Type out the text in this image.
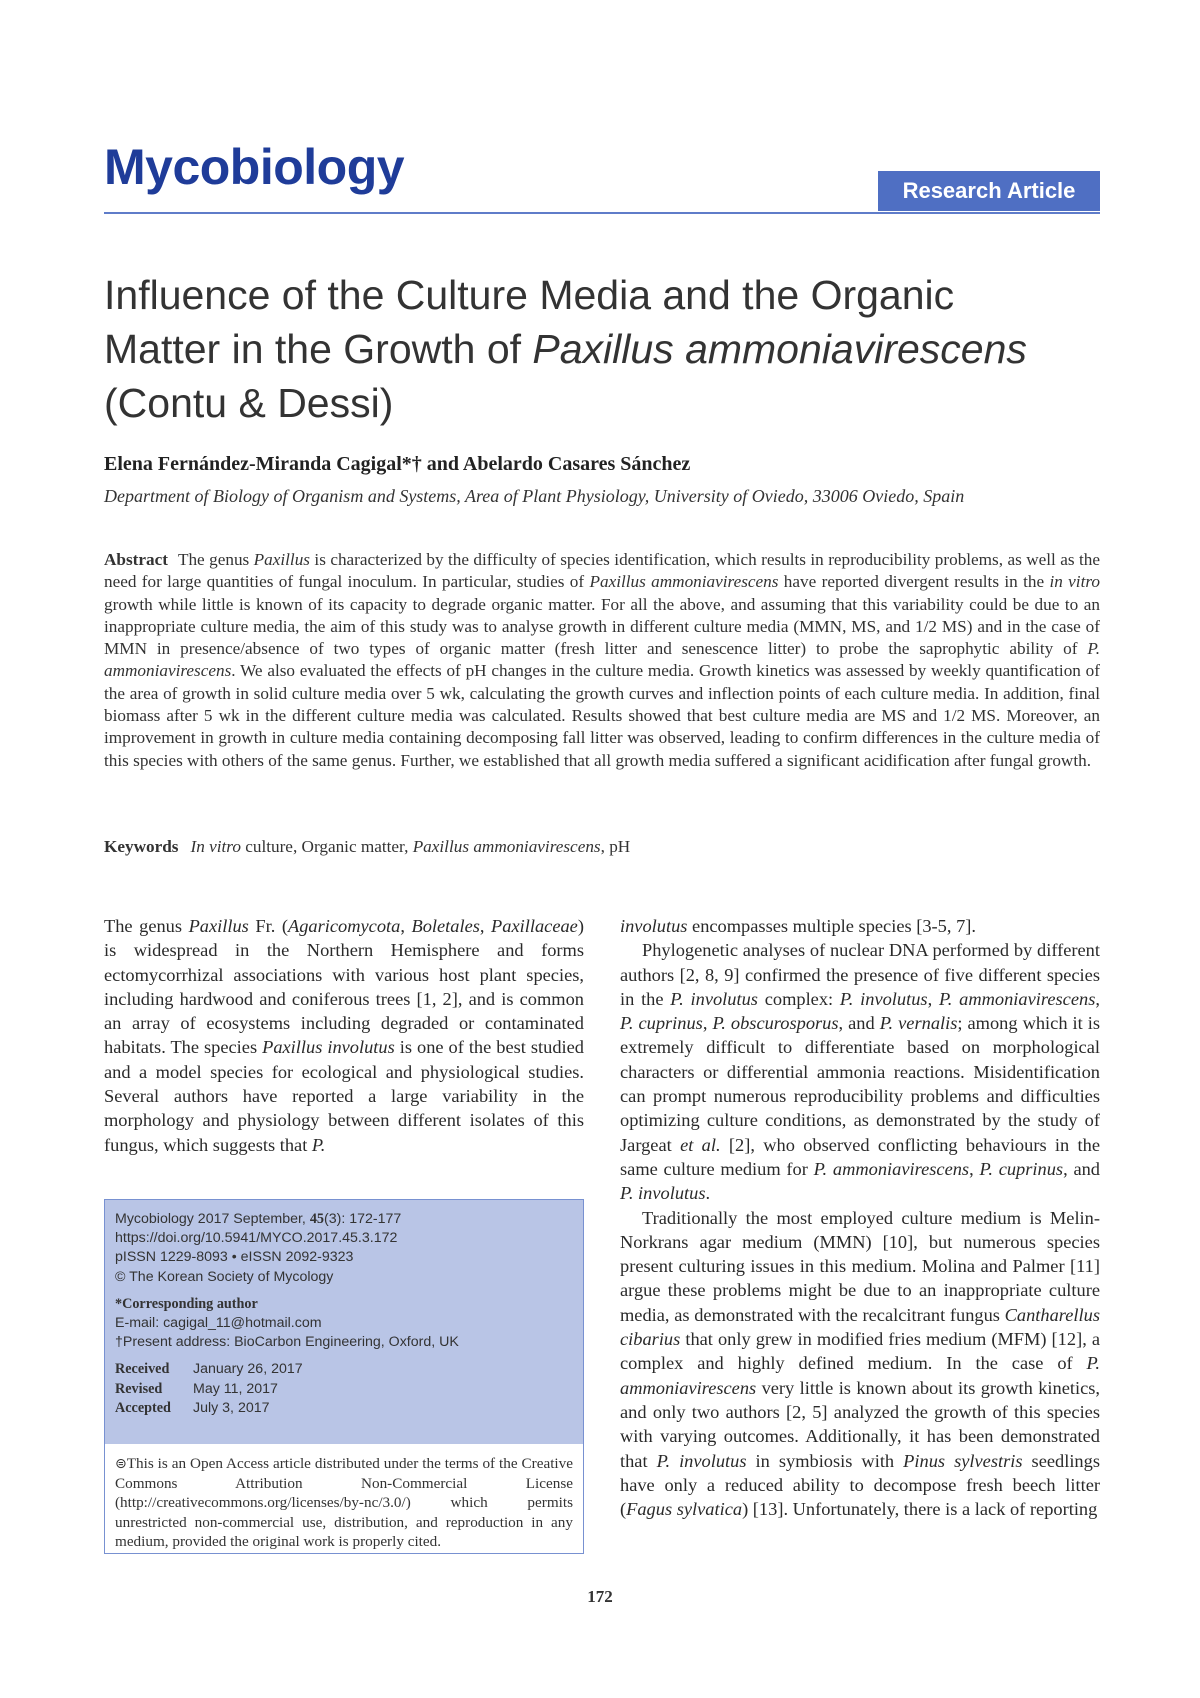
Mycobiology	Research Article
Influence of the Culture Media and the Organic
Matter in the Growth of Paxillus ammoniavirescens
(Contu & Dessi)
Elena Fernández-Miranda Cagigal*† and Abelardo Casares Sánchez
Department of Biology of Organism and Systems, Area of Plant Physiology, University of Oviedo, 33006 Oviedo, Spain
Abstract The genus Paxillus is characterized by the difficulty of species identification, which results in reproducibility problems, as well as the need for large quantities of fungal inoculum. In particular, studies of Paxillus ammoniavirescens have reported divergent results in the in vitro growth while little is known of its capacity to degrade organic matter. For all the above, and assuming that this variability could be due to an inappropriate culture media, the aim of this study was to analyse growth in different culture media (MMN, MS, and 1/2 MS) and in the case of MMN in presence/absence of two types of organic matter (fresh litter and senescence litter) to probe the saprophytic ability of P. ammoniavirescens. We also evaluated the effects of pH changes in the culture media. Growth kinetics was assessed by weekly quantification of the area of growth in solid culture media over 5 wk, calculating the growth curves and inflection points of each culture media. In addition, final biomass after 5 wk in the different culture media was calculated. Results showed that best culture media are MS and 1/2 MS. Moreover, an improvement in growth in culture media containing decomposing fall litter was observed, leading to confirm differences in the culture media of this species with others of the same genus. Further, we established that all growth media suffered a significant acidification after fungal growth.
Keywords In vitro culture, Organic matter, Paxillus ammoniavirescens, pH

The genus Paxillus Fr. (Agaricomycota, Boletales, Paxillaceae) is widespread in the Northern Hemisphere and forms ectomycorrhizal associations with various host plant species, including hardwood and coniferous trees [1, 2], and is common an array of ecosystems including degraded or contaminated habitats. The species Paxillus involutus is one of the best studied and a model species for ecological and physiological studies. Several authors have reported a large variability in the morphology and physiology between different isolates of this fungus, which suggests that P.

involutus encompasses multiple species [3-5, 7].

Phylogenetic analyses of nuclear DNA performed by different authors [2, 8, 9] confirmed the presence of five different species in the P. involutus complex: P. involutus, P. ammoniavirescens, P. cuprinus, P. obscurosporus, and P. vernalis; among which it is extremely difficult to differentiate based on morphological characters or differential ammonia reactions. Misidentification can prompt numerous reproducibility problems and difficulties optimizing culture conditions, as demonstrated by the study of Jargeat et al. [2], who observed conflicting behaviours in the same culture medium for P. ammoniavirescens, P. cuprinus, and P. involutus.

Traditionally the most employed culture medium is Melin-Norkrans agar medium (MMN) [10], but numerous species present culturing issues in this medium. Molina and Palmer [11] argue these problems might be due to an inappropriate culture media, as demonstrated with the recalcitrant fungus Cantharellus cibarius that only grew in modified fries medium (MFM) [12], a complex and highly defined medium. In the case of P. ammoniavirescens very little is known about its growth kinetics, and only two authors [2, 5] analyzed the growth of this species with varying outcomes. Additionally, it has been demonstrated that P. involutus in symbiosis with Pinus sylvestris seedlings have only a reduced ability to decompose fresh beech litter (Fagus sylvatica) [13]. Unfortunately, there is a lack of reporting

Mycobiology 2017 September, 45(3): 172-177
https://doi.org/10.5941/MYCO.2017.45.3.172
pISSN 1229-8093 • eISSN 2092-9323
© The Korean Society of Mycology
*Corresponding author
E-mail: cagigal_11@hotmail.com
†Present address: BioCarbon Engineering, Oxford, UK
Received	January 26, 2017
Revised	May 11, 2017
Accepted	July 3, 2017
⊜This is an Open Access article distributed under the terms of the Creative Commons Attribution Non-Commercial License (http://creativecommons.org/licenses/by-nc/3.0/) which permits unrestricted non-commercial use, distribution, and reproduction in any medium, provided the original work is properly cited.
172
